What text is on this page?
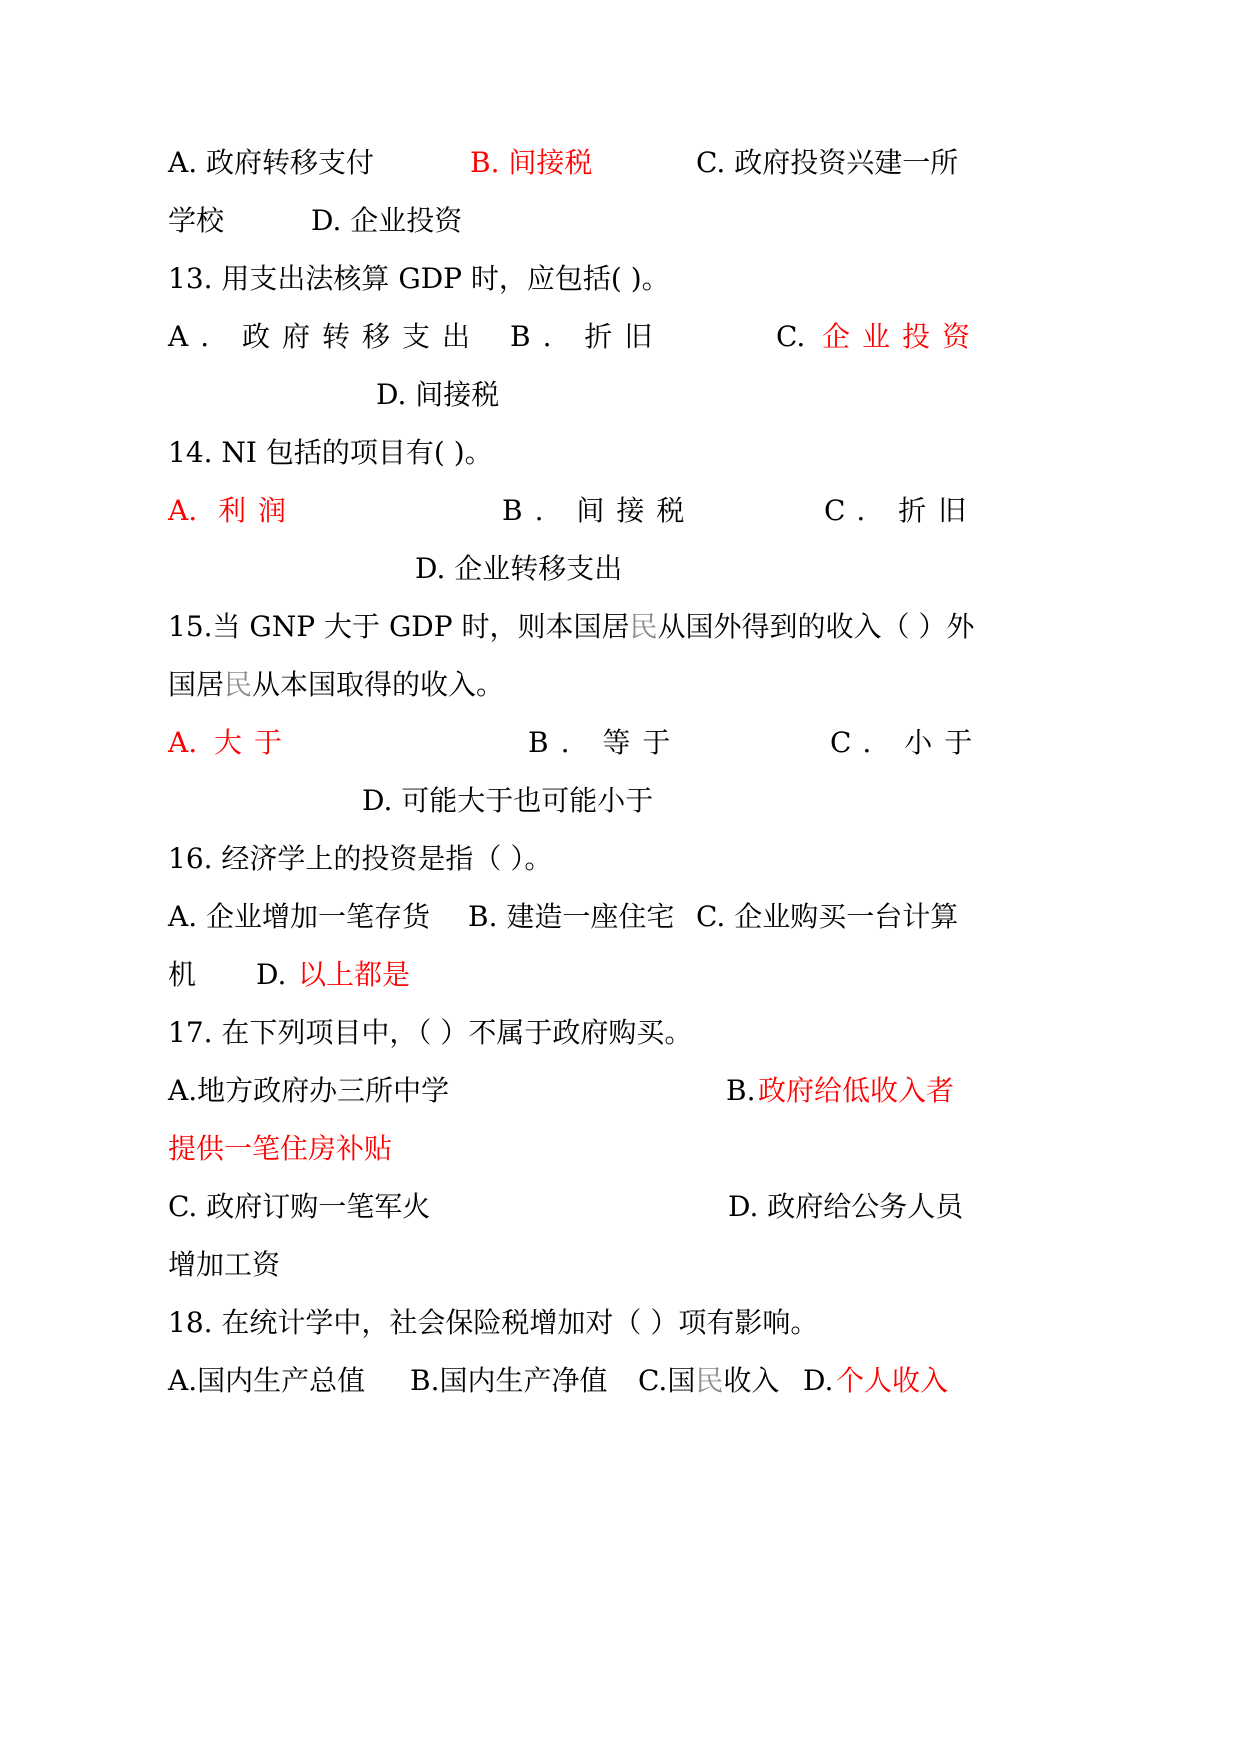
A. 政府转移支付	B. 间接税	C. 政府投资兴建一所
学校	D. 企业投资
13. 用支出法核算 GDP 时，应包括( )。
A. 政府转移支出 B. 折旧	C. 企业投资
D. 间接税
14. NI 包括的项目有( )。
A. 利润	B. 间接税	C. 折旧
D. 企业转移支出
15.当 GNP 大于 GDP 时，则本国居民从国外得到的收入（ ）外
国居民从本国取得的收入。
A. 大于	B. 等于	C. 小于
D. 可能大于也可能小于
16. 经济学上的投资是指（ ）。
A. 企业增加一笔存货 B. 建造一座住宅 C. 企业购买一台计算
机 D. 以上都是
17. 在下列项目中，（ ）不属于政府购买。
A.地方政府办三所中学	B. 政府给低收入者
提供一笔住房补贴
C. 政府订购一笔军火	D. 政府给公务人员
增加工资
18. 在统计学中，社会保险税增加对（ ）项有影响。
A.国内生产总值 B.国内生产净值 C.国民收入 D. 个人收入
